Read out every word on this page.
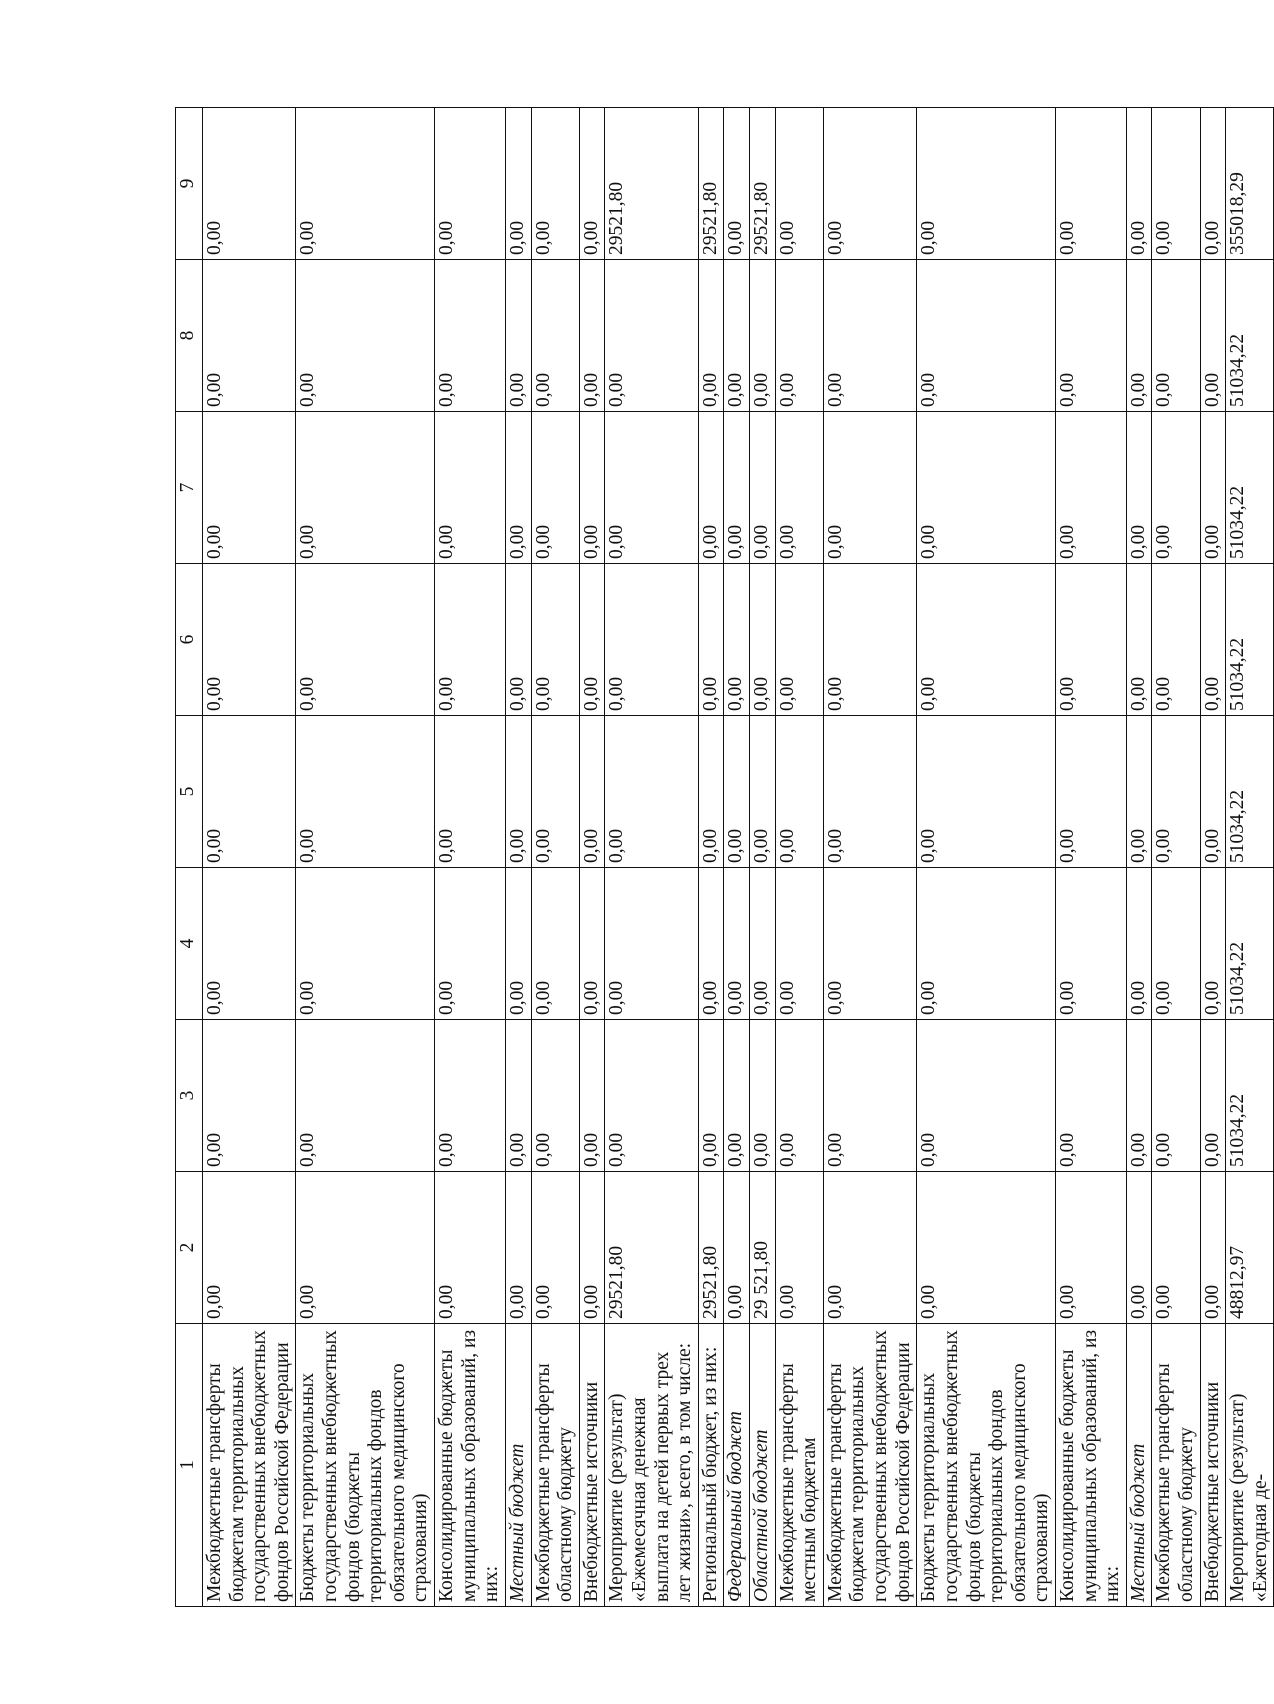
1	2	3	4	5	6	7	8	9
Межбюджетные трансферты бюджетам территориальных государственных внебюджетных фондов Российской Федерации	0,00	0,00	0,00	0,00	0,00	0,00	0,00	0,00
Бюджеты территориальных государственных внебюджетных фондов (бюджеты территориальных фондов обязательного медицинского страхования)	0,00	0,00	0,00	0,00	0,00	0,00	0,00	0,00
Консолидированные бюджеты муниципальных образований, из них:	0,00	0,00	0,00	0,00	0,00	0,00	0,00	0,00
Местный бюджет	0,00	0,00	0,00	0,00	0,00	0,00	0,00	0,00
Межбюджетные трансферты областному бюджету	0,00	0,00	0,00	0,00	0,00	0,00	0,00	0,00
Внебюджетные источники	0,00	0,00	0,00	0,00	0,00	0,00	0,00	0,00
Мероприятие (результат) «Ежемесячная денежная выплата на детей первых трех лет жизни», всего, в том числе:	29521,80	0,00	0,00	0,00	0,00	0,00	0,00	29521,80
Региональный бюджет, из них:	29521,80	0,00	0,00	0,00	0,00	0,00	0,00	29521,80
Федеральный бюджет	0,00	0,00	0,00	0,00	0,00	0,00	0,00	0,00
Областной бюджет	29 521,80	0,00	0,00	0,00	0,00	0,00	0,00	29521,80
Межбюджетные трансферты местным бюджетам	0,00	0,00	0,00	0,00	0,00	0,00	0,00	0,00
Межбюджетные трансферты бюджетам территориальных государственных внебюджетных фондов Российской Федерации	0,00	0,00	0,00	0,00	0,00	0,00	0,00	0,00
Бюджеты территориальных государственных внебюджетных фондов (бюджеты территориальных фондов обязательного медицинского страхования)	0,00	0,00	0,00	0,00	0,00	0,00	0,00	0,00
Консолидированные бюджеты муниципальных образований, из них:	0,00	0,00	0,00	0,00	0,00	0,00	0,00	0,00
Местный бюджет	0,00	0,00	0,00	0,00	0,00	0,00	0,00	0,00
Межбюджетные трансферты областному бюджету	0,00	0,00	0,00	0,00	0,00	0,00	0,00	0,00
Внебюджетные источники	0,00	0,00	0,00	0,00	0,00	0,00	0,00	0,00
Мероприятие (результат) «Ежегодная де-	48812,97	51034,22	51034,22	51034,22	51034,22	51034,22	51034,22	355018,29
